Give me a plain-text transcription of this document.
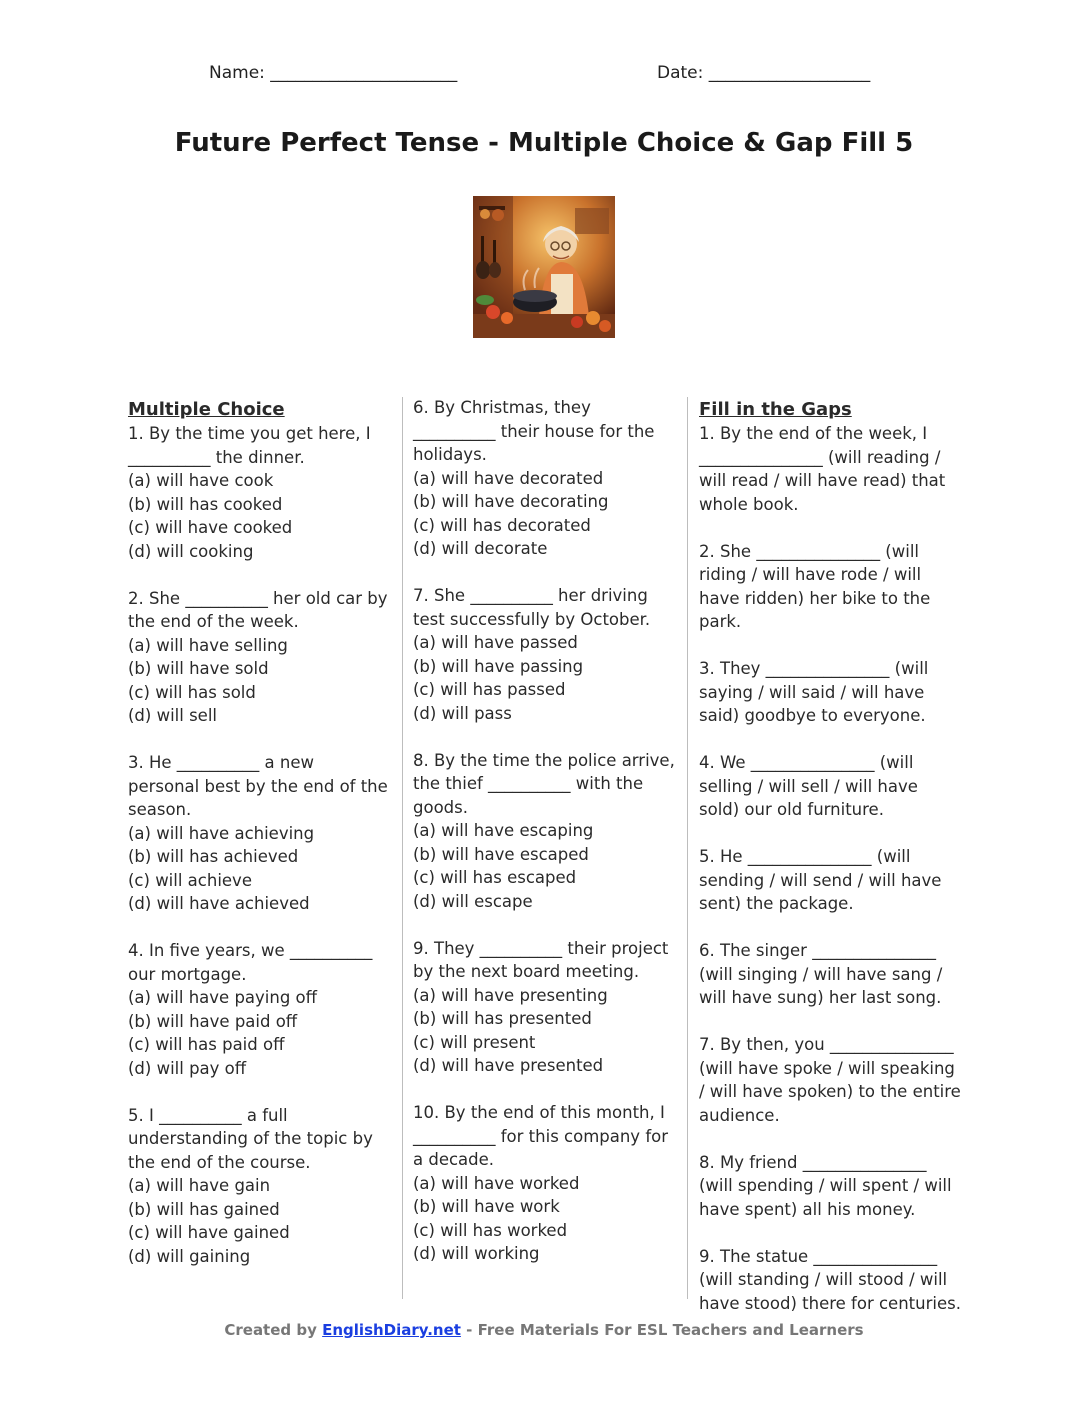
Name: ______________________	Date: ___________________
Future Perfect Tense - Multiple Choice & Gap Fill 5
Multiple Choice

1. By the time you get here, I __________ the dinner.

(a) will have cook
(b) will has cooked
(c) will have cooked
(d) will cooking

2. She __________ her old car by the end of the week.

(a) will have selling
(b) will have sold
(c) will has sold
(d) will sell

3. He __________ a new personal best by the end of the season.

(a) will have achieving
(b) will has achieved
(c) will achieve
(d) will have achieved

4. In five years, we __________ our mortgage.

(a) will have paying off
(b) will have paid off
(c) will has paid off
(d) will pay off

5. I __________ a full understanding of the topic by the end of the course.

(a) will have gain
(b) will has gained
(c) will have gained
(d) will gaining

6. By Christmas, they __________ their house for the holidays.

(a) will have decorated
(b) will have decorating
(c) will has decorated
(d) will decorate

7. She __________ her driving test successfully by October.

(a) will have passed
(b) will have passing
(c) will has passed
(d) will pass

8. By the time the police arrive, the thief __________ with the goods.

(a) will have escaping
(b) will have escaped
(c) will has escaped
(d) will escape

9. They __________ their project by the next board meeting.

(a) will have presenting
(b) will has presented
(c) will present
(d) will have presented

10. By the end of this month, I __________ for this company for a decade.

(a) will have worked
(b) will have work
(c) will has worked
(d) will working
Fill in the Gaps

1. By the end of the week, I _______________ (will reading / will read / will have read) that whole book.

2. She _______________ (will riding / will have rode / will have ridden) her bike to the park.

3. They _______________ (will saying / will said / will have said) goodbye to everyone.

4. We _______________ (will selling / will sell / will have sold) our old furniture.

5. He _______________ (will sending / will send / will have sent) the package.

6. The singer _______________ (will singing / will have sang / will have sung) her last song.

7. By then, you _______________ (will have spoke / will speaking / will have spoken) to the entire audience.

8. My friend _______________ (will spending / will spent / will have spent) all his money.

9. The statue _______________ (will standing / will stood / will have stood) there for centuries.

Created by EnglishDiary.net - Free Materials For ESL Teachers and Learners
